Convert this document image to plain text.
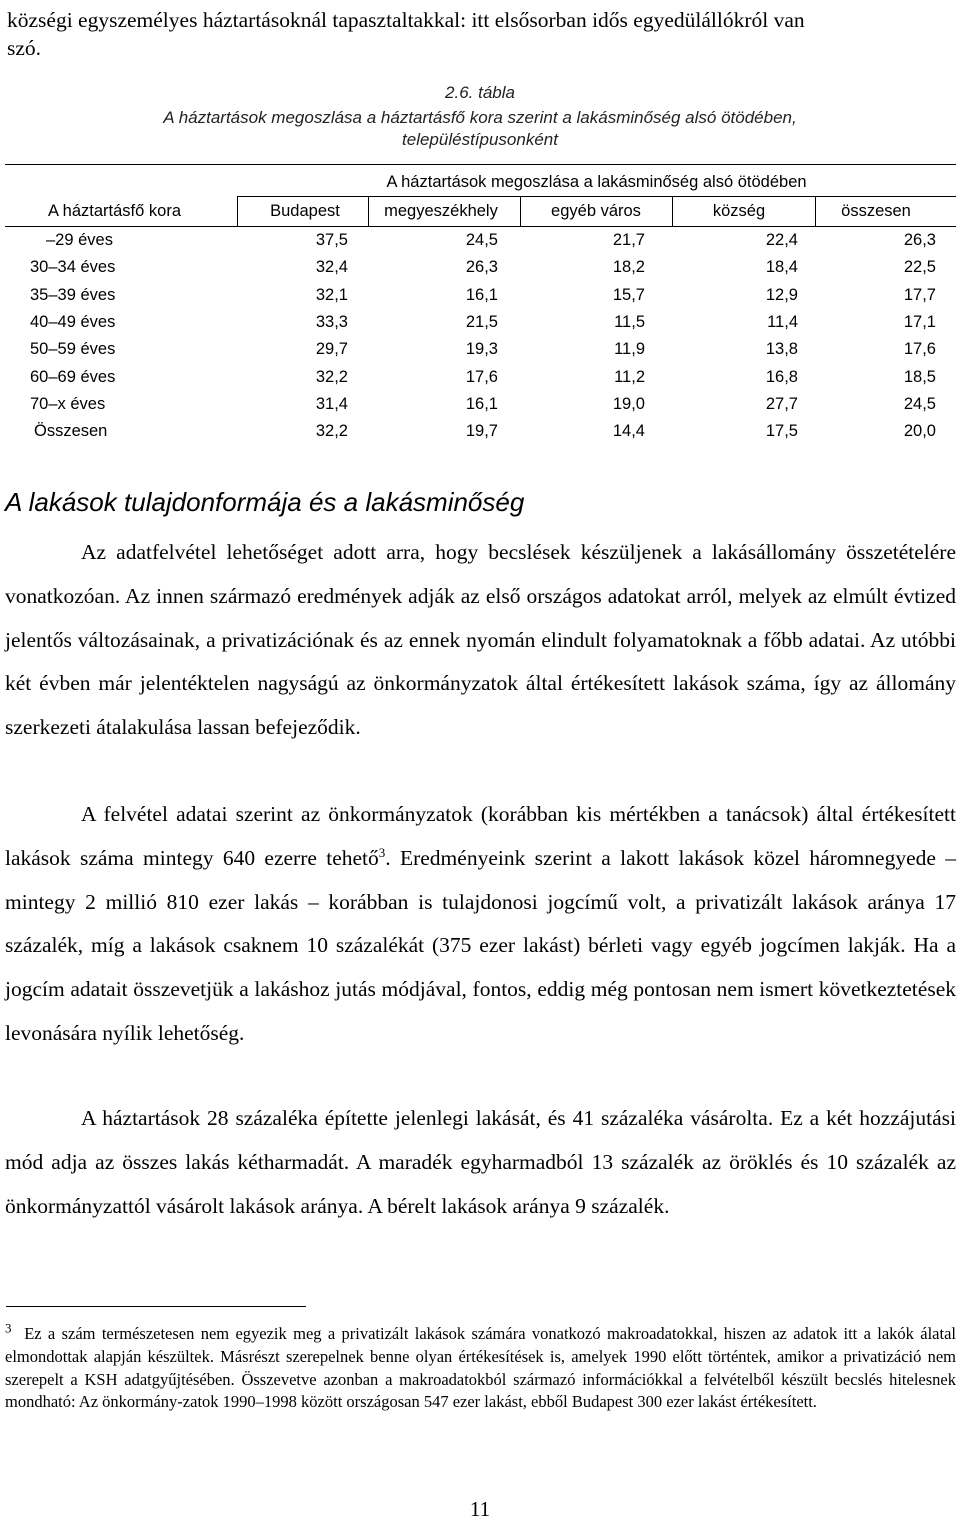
községi egyszemélyes háztartásoknál tapasztaltakkal: itt elsősorban idős egyedülállókról van
szó.
2.6. tábla
A háztartások megoszlása a háztartásfő kora szerint a lakásminőség alsó ötödében,
településtípusonként
A háztartások megoszlása a lakásminőség alsó ötödében
A háztartásfő kora	Budapest	megyeszékhely	egyéb város	község	összesen
–29 éves	37,5	24,5	21,7	22,4	26,3
30–34 éves	32,4	26,3	18,2	18,4	22,5
35–39 éves	32,1	16,1	15,7	12,9	17,7
40–49 éves	33,3	21,5	11,5	11,4	17,1
50–59 éves	29,7	19,3	11,9	13,8	17,6
60–69 éves	32,2	17,6	11,2	16,8	18,5
70–x éves	31,4	16,1	19,0	27,7	24,5
Összesen	32,2	19,7	14,4	17,5	20,0
A lakások tulajdonformája és a lakásminőség
Az adatfelvétel lehetőséget adott arra, hogy becslések készüljenek a lakásállomány összetételére vonatkozóan. Az innen származó eredmények adják az első országos adatokat arról, melyek az elmúlt évtized jelentős változásainak, a privatizációnak és az ennek nyomán elindult folyamatoknak a főbb adatai. Az utóbbi két évben már jelentéktelen nagyságú az önkormányzatok által értékesített lakások száma, így az állomány szerkezeti átalakulása lassan befejeződik.
A felvétel adatai szerint az önkormányzatok (korábban kis mértékben a tanácsok) által értékesített lakások száma mintegy 640 ezerre tehető$^3$. Eredményeink szerint a lakott lakások közel háromnegyede – mintegy 2 millió 810 ezer lakás – korábban is tulajdonosi jogcímű volt, a privatizált lakások aránya 17 százalék, míg a lakások csaknem 10 százalékát (375 ezer lakást) bérleti vagy egyéb jogcímen lakják. Ha a jogcím adatait összevetjük a lakáshoz jutás módjával, fontos, eddig még pontosan nem ismert következtetések levonására nyílik lehetőség.
A háztartások 28 százaléka építette jelenlegi lakását, és 41 százaléka vásárolta. Ez a két hozzájutási mód adja az összes lakás kétharmadát. A maradék egyharmadból 13 százalék az öröklés és 10 százalék az önkormányzattól vásárolt lakások aránya. A bérelt lakások aránya 9 százalék.
$^3$ Ez a szám természetesen nem egyezik meg a privatizált lakások számára vonatkozó makroadatokkal, hiszen az adatok itt a lakók álatal elmondottak alapján készültek. Másrészt szerepelnek benne olyan értékesítések is, amelyek 1990 előtt történtek, amikor a privatizáció nem szerepelt a KSH adatgyűjtésében. Összevetve azonban a makroadatokból származó információkkal a felvételből készült becslés hitelesnek mondható: Az önkormány-zatok 1990–1998 között országosan 547 ezer lakást, ebből Budapest 300 ezer lakást értékesített.
11
